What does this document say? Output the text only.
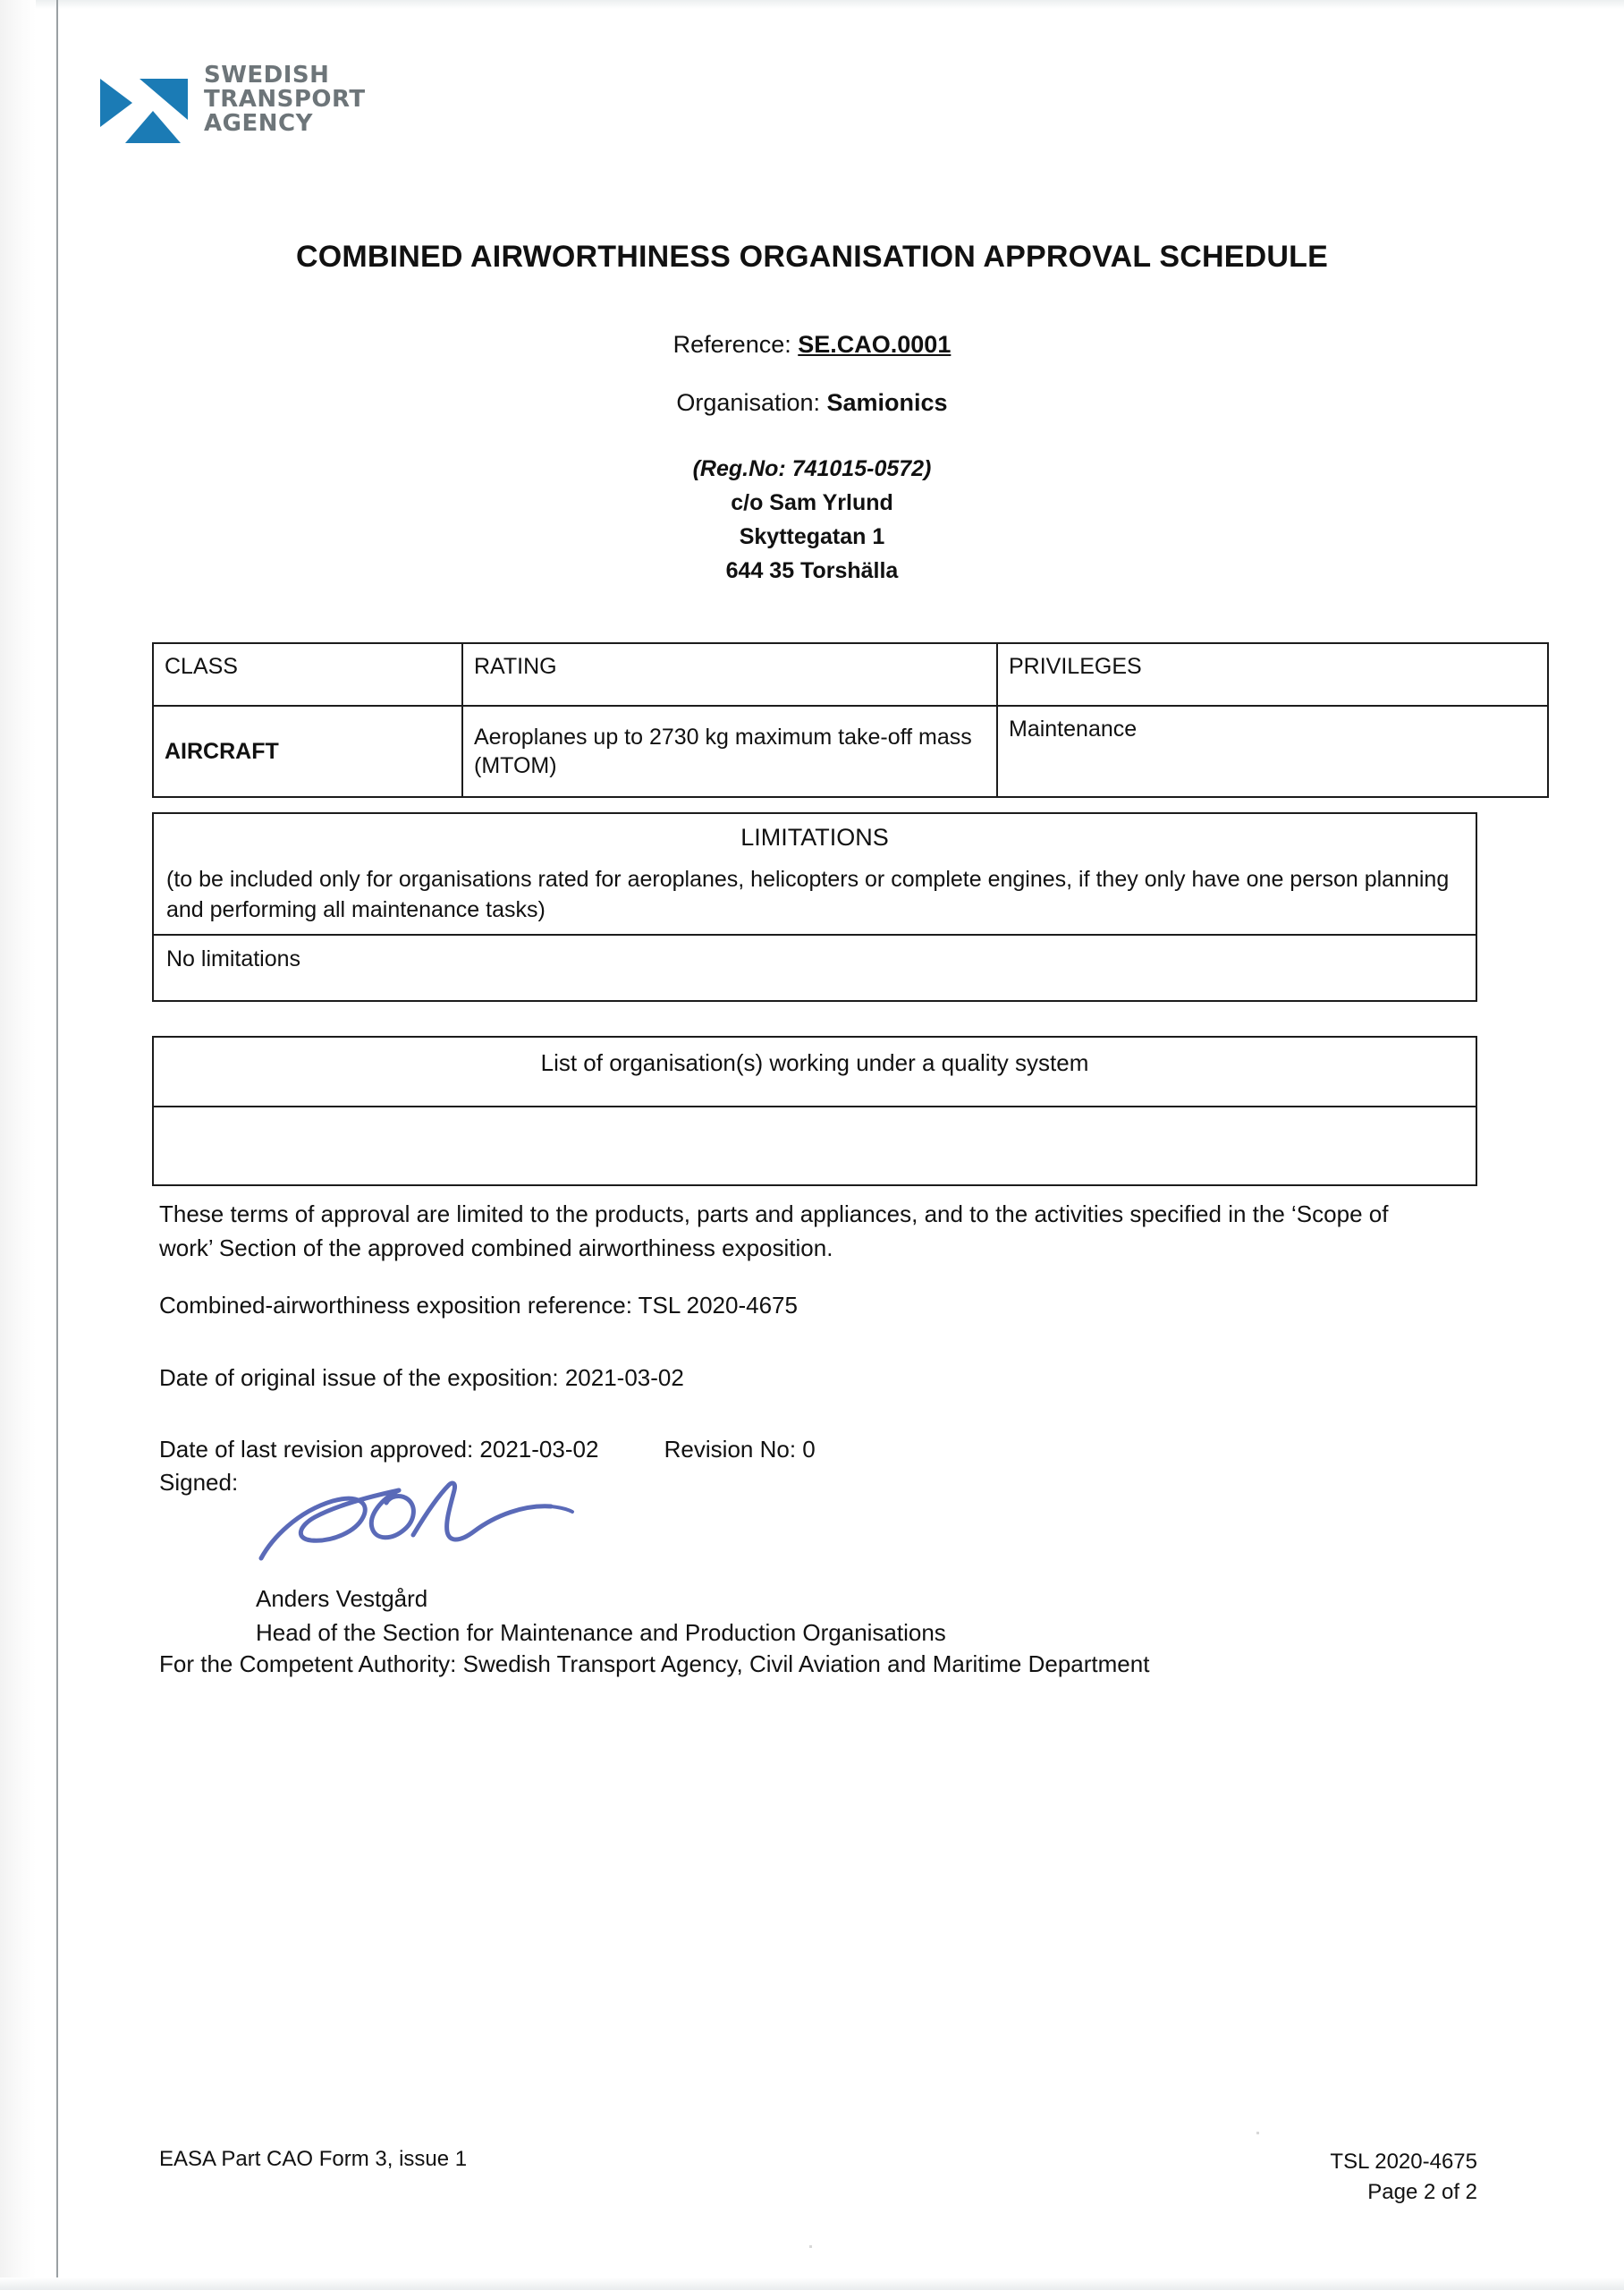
SWEDISH
TRANSPORT
AGENCY
COMBINED AIRWORTHINESS ORGANISATION APPROVAL SCHEDULE
Reference: SE.CAO.0001
Organisation: Samionics
(Reg.No: 741015-0572)
c/o Sam Yrlund
Skyttegatan 1
644 35 Torshälla
CLASS	RATING	PRIVILEGES
AIRCRAFT	Aeroplanes up to 2730 kg maximum take-off mass (MTOM)	Maintenance
LIMITATIONS
(to be included only for organisations rated for aeroplanes, helicopters or complete engines, if they only have one person planning and performing all maintenance tasks)

No limitations
List of organisation(s) working under a quality system

These terms of approval are limited to the products, parts and appliances, and to the activities specified in the ‘Scope of work’ Section of the approved combined airworthiness exposition.
Combined-airworthiness exposition reference: TSL 2020-4675
Date of original issue of the exposition: 2021-03-02
Date of last revision approved: 2021-03-02	Revision No: 0
Signed:
Anders Vestgård
Head of the Section for Maintenance and Production Organisations
For the Competent Authority: Swedish Transport Agency, Civil Aviation and Maritime Department
EASA Part CAO Form 3, issue 1	TSL 2020-4675
Page 2 of 2
